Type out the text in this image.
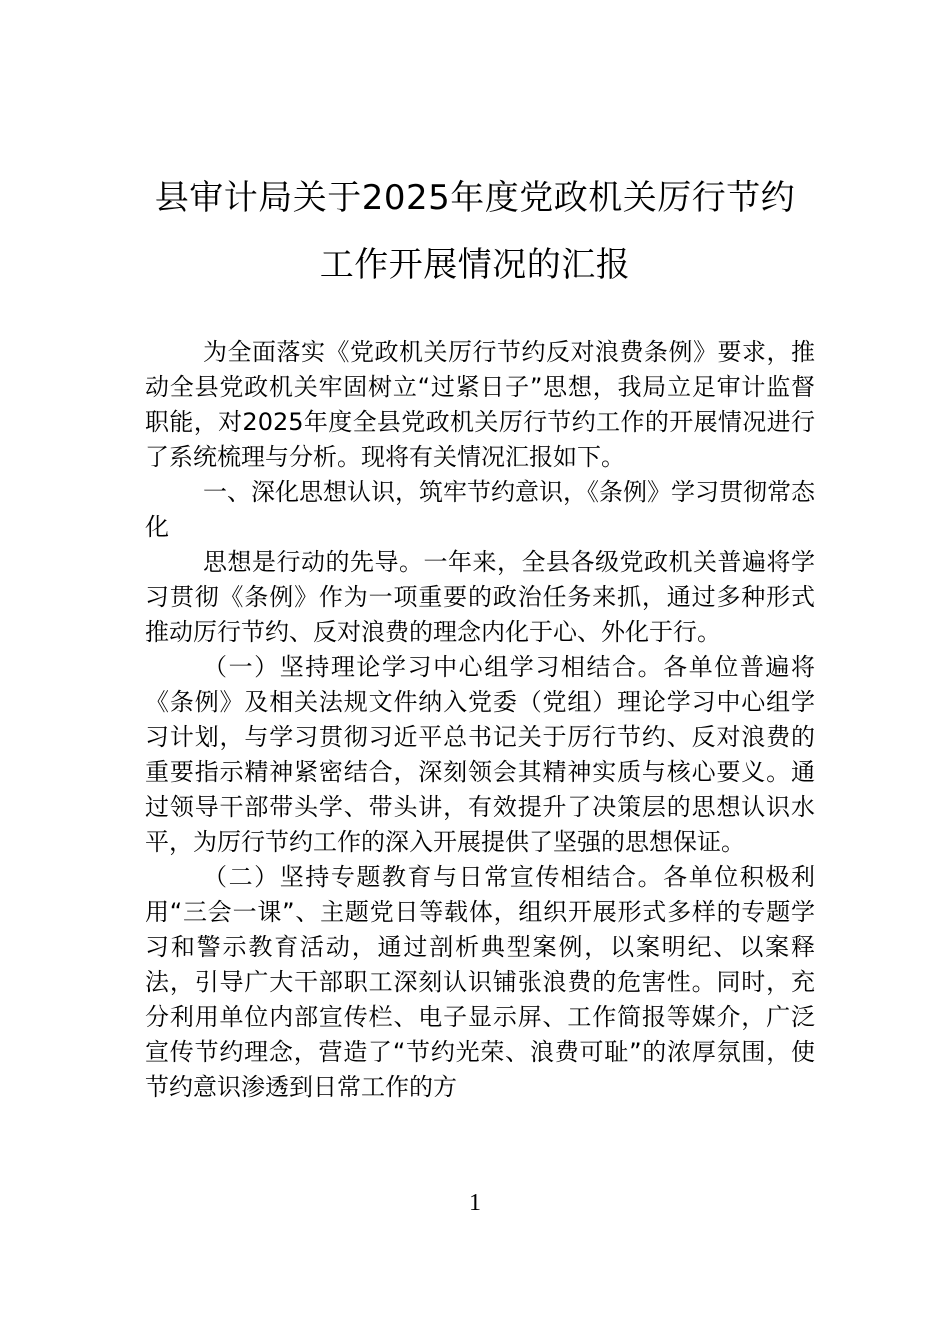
县审计局关于2025年度党政机关厉行节约
工作开展情况的汇报

为全面落实《党政机关厉行节约反对浪费条例》要求，推动全县党政机关牢固树立“过紧日子”思想，我局立足审计监督职能，对2025年度全县党政机关厉行节约工作的开展情况进行了系统梳理与分析。现将有关情况汇报如下。

一、深化思想认识，筑牢节约意识，《条例》学习贯彻常态化

思想是行动的先导。一年来，全县各级党政机关普遍将学习贯彻《条例》作为一项重要的政治任务来抓，通过多种形式推动厉行节约、反对浪费的理念内化于心、外化于行。

（一）坚持理论学习中心组学习相结合。各单位普遍将《条例》及相关法规文件纳入党委（党组）理论学习中心组学习计划，与学习贯彻习近平总书记关于厉行节约、反对浪费的重要指示精神紧密结合，深刻领会其精神实质与核心要义。通过领导干部带头学、带头讲，有效提升了决策层的思想认识水平，为厉行节约工作的深入开展提供了坚强的思想保证。

（二）坚持专题教育与日常宣传相结合。各单位积极利用“三会一课”、主题党日等载体，组织开展形式多样的专题学习和警示教育活动，通过剖析典型案例，以案明纪、以案释法，引导广大干部职工深刻认识铺张浪费的危害性。同时，充分利用单位内部宣传栏、电子显示屏、工作简报等媒介，广泛宣传节约理念，营造了“节约光荣、浪费可耻”的浓厚氛围，使节约意识渗透到日常工作的方

1
